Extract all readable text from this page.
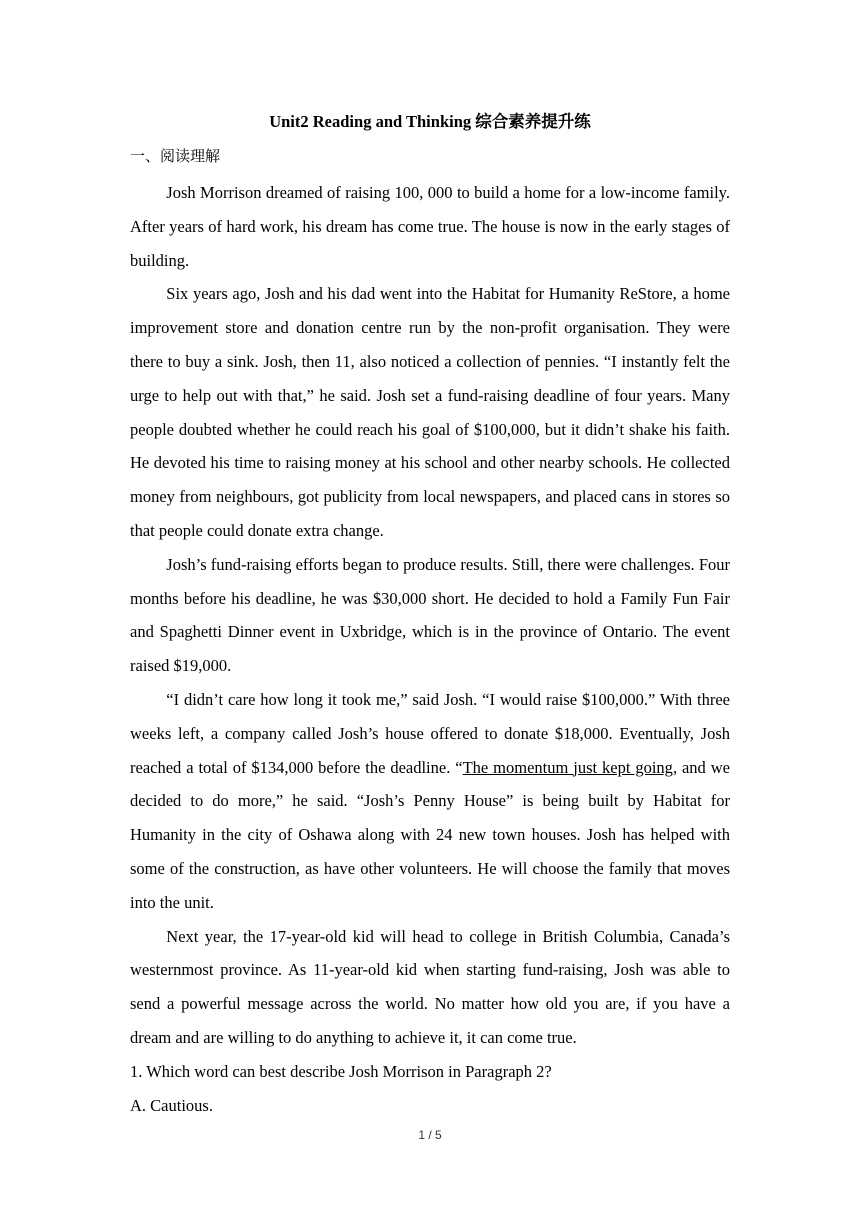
Unit2 Reading and Thinking 综合素养提升练
一、阅读理解

Josh Morrison dreamed of raising 100, 000 to build a home for a low-income family. After years of hard work, his dream has come true. The house is now in the early stages of building.

Six years ago, Josh and his dad went into the Habitat for Humanity ReStore, a home improvement store and donation centre run by the non-profit organisation. They were there to buy a sink. Josh, then 11, also noticed a collection of pennies. “I instantly felt the urge to help out with that,” he said. Josh set a fund-raising deadline of four years. Many people doubted whether he could reach his goal of $100,000, but it didn’t shake his faith. He devoted his time to raising money at his school and other nearby schools. He collected money from neighbours, got publicity from local newspapers, and placed cans in stores so that people could donate extra change.

Josh’s fund-raising efforts began to produce results. Still, there were challenges. Four months before his deadline, he was $30,000 short. He decided to hold a Family Fun Fair and Spaghetti Dinner event in Uxbridge, which is in the province of Ontario. The event raised $19,000.

“I didn’t care how long it took me,” said Josh. “I would raise $100,000.” With three weeks left, a company called Josh’s house offered to donate $18,000. Eventually, Josh reached a total of $134,000 before the deadline. “The momentum just kept going, and we decided to do more,” he said. “Josh’s Penny House” is being built by Habitat for Humanity in the city of Oshawa along with 24 new town houses. Josh has helped with some of the construction, as have other volunteers. He will choose the family that moves into the unit.

Next year, the 17-year-old kid will head to college in British Columbia, Canada’s westernmost province. As 11-year-old kid when starting fund-raising, Josh was able to send a powerful message across the world. No matter how old you are, if you have a dream and are willing to do anything to achieve it, it can come true.

1. Which word can best describe Josh Morrison in Paragraph 2?

A. Cautious.

1 / 5
